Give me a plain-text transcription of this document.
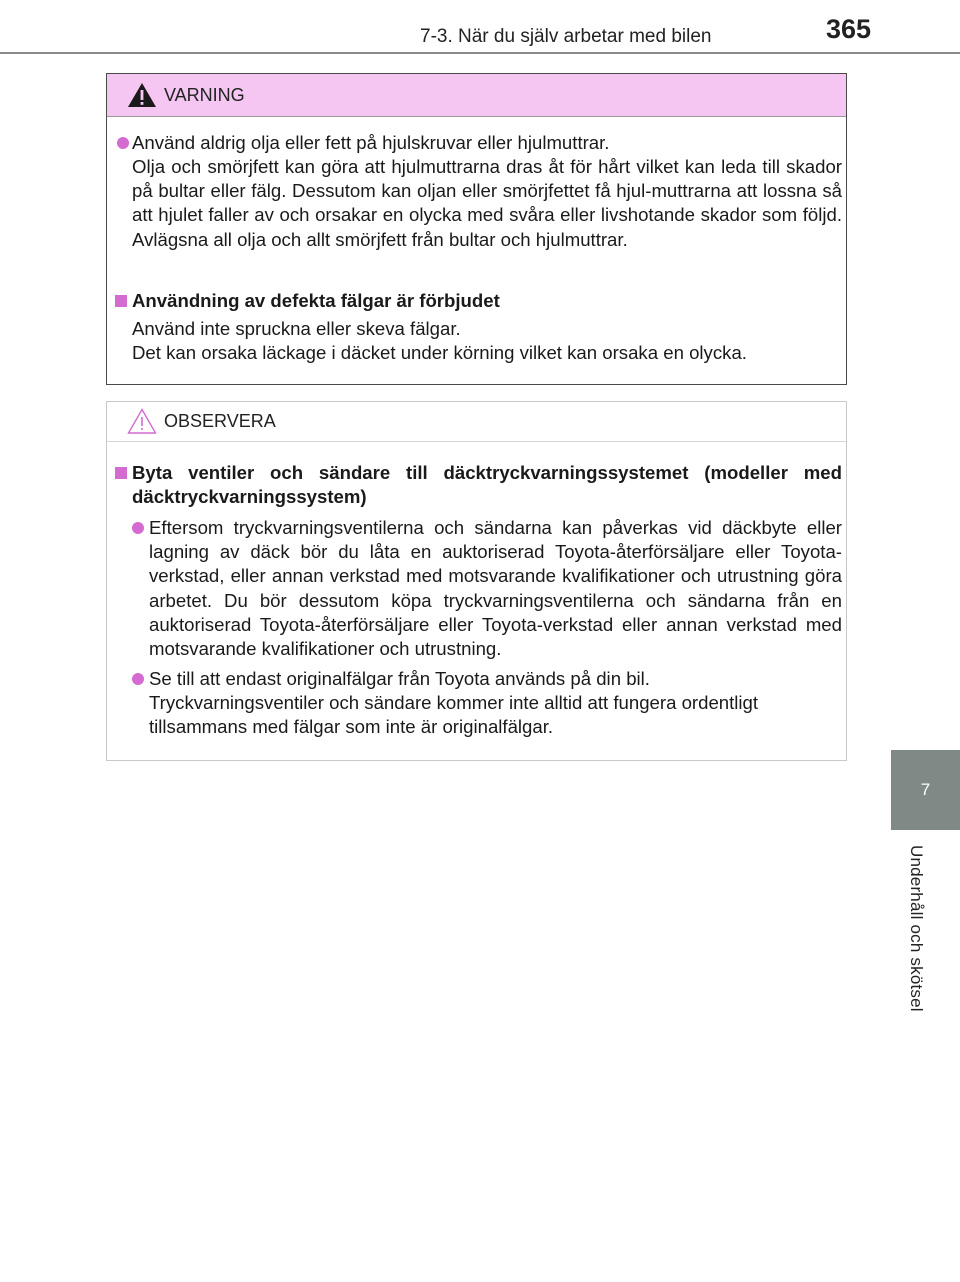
7-3. När du själv arbetar med bilen	365
7
Underhåll och skötsel
VARNING
Använd aldrig olja eller fett på hjulskruvar eller hjulmuttrar.
Olja och smörjfett kan göra att hjulmuttrarna dras åt för hårt vilket kan leda till skador på bultar eller fälg. Dessutom kan oljan eller smörjfettet få hjul-muttrarna att lossna så att hjulet faller av och orsakar en olycka med svåra eller livshotande skador som följd. Avlägsna all olja och allt smörjfett från bultar och hjulmuttrar.
Användning av defekta fälgar är förbjudet
Använd inte spruckna eller skeva fälgar.
Det kan orsaka läckage i däcket under körning vilket kan orsaka en olycka.
OBSERVERA
Byta ventiler och sändare till däcktryckvarningssystemet (modeller med däcktryckvarningssystem)
Eftersom tryckvarningsventilerna och sändarna kan påverkas vid däckbyte eller lagning av däck bör du låta en auktoriserad Toyota-återförsäljare eller Toyota-verkstad, eller annan verkstad med motsvarande kvalifikationer och utrustning göra arbetet. Du bör dessutom köpa tryckvarningsventilerna och sändarna från en auktoriserad Toyota-återförsäljare eller Toyota-verkstad eller annan verkstad med motsvarande kvalifikationer och utrustning.
Se till att endast originalfälgar från Toyota används på din bil.
Tryckvarningsventiler och sändare kommer inte alltid att fungera ordentligt tillsammans med fälgar som inte är originalfälgar.
